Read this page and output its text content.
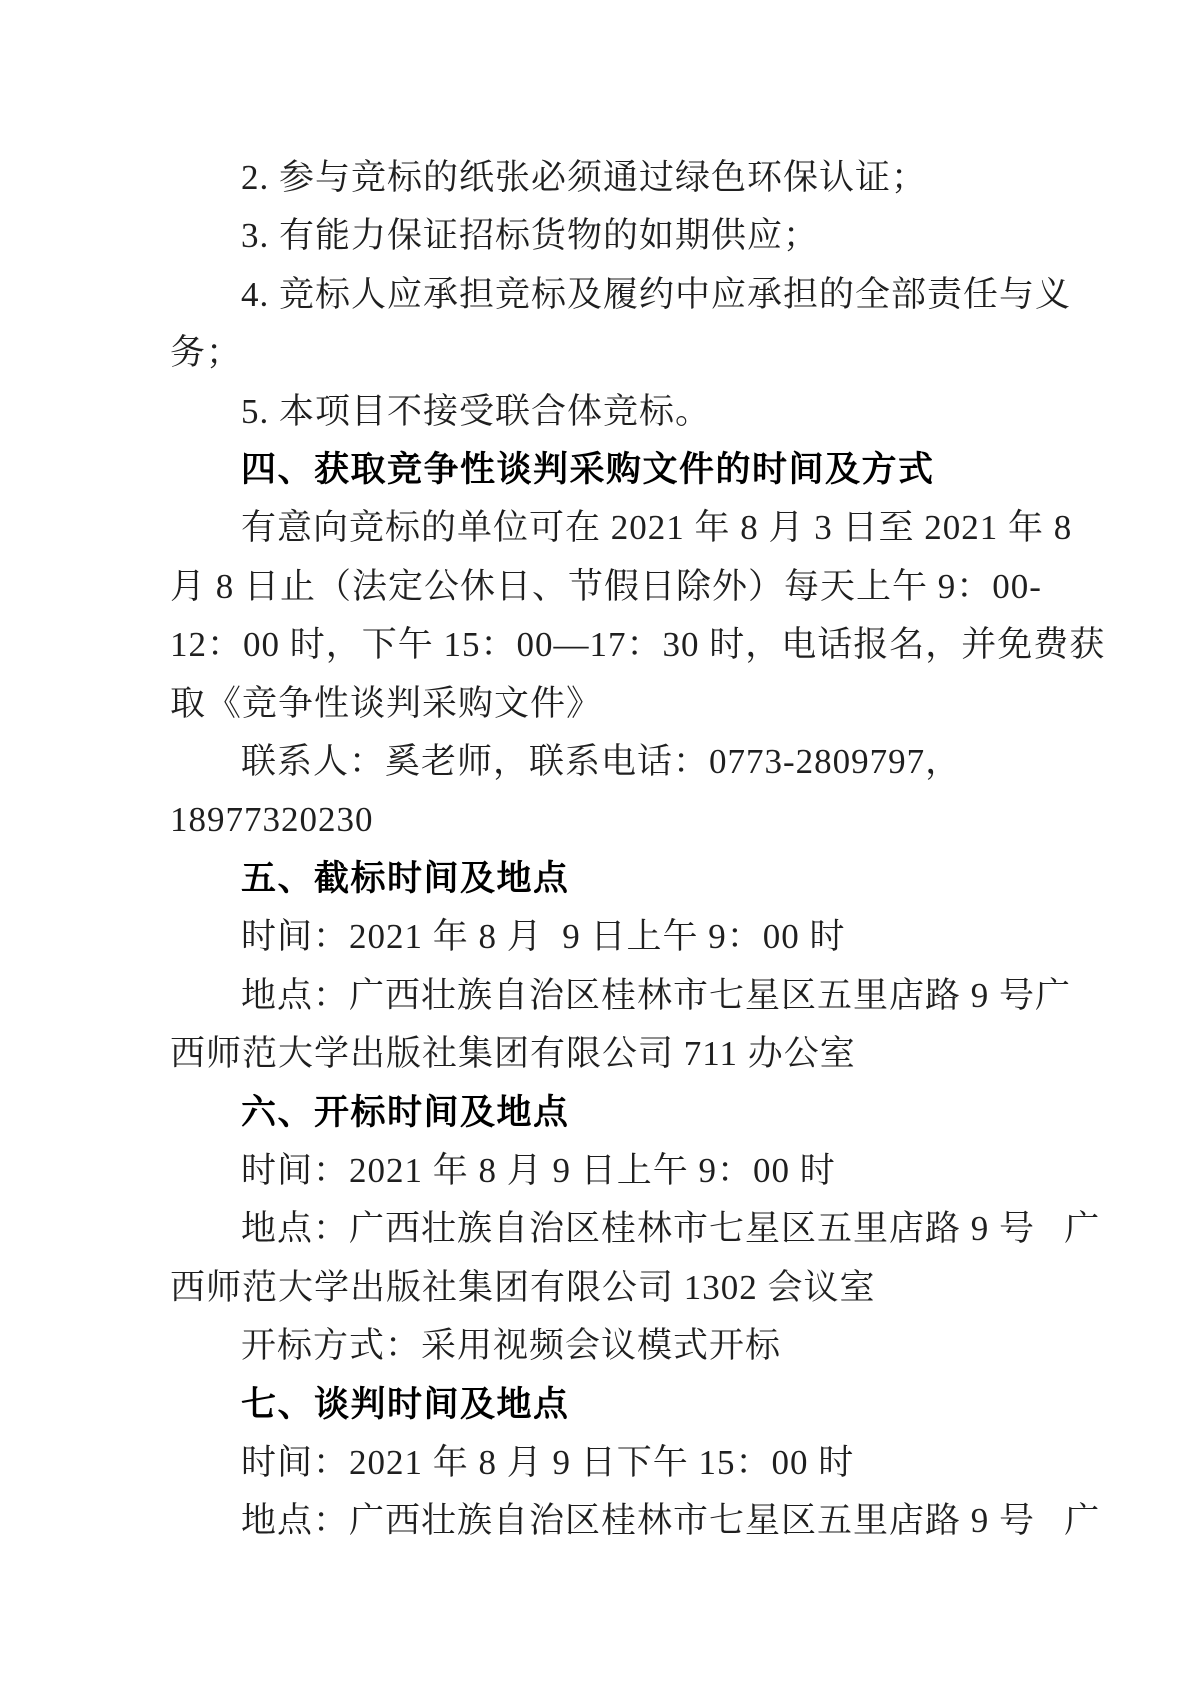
2. 参与竞标的纸张必须通过绿色环保认证；
3. 有能力保证招标货物的如期供应；
4. 竞标人应承担竞标及履约中应承担的全部责任与义
务；
5. 本项目不接受联合体竞标。
四、获取竞争性谈判采购文件的时间及方式
有意向竞标的单位可在 2021 年 8 月 3 日至 2021 年 8
月 8 日止（法定公休日、节假日除外）每天上午 9：00-
12：00 时，下午 15：00—17：30 时，电话报名，并免费获
取《竞争性谈判采购文件》
联系人：奚老师，联系电话：0773-2809797，
18977320230
五、截标时间及地点
时间：2021 年 8 月  9 日上午 9：00 时
地点：广西壮族自治区桂林市七星区五里店路 9 号广
西师范大学出版社集团有限公司 711 办公室
六、开标时间及地点
时间：2021 年 8 月 9 日上午 9：00 时
地点：广西壮族自治区桂林市七星区五里店路 9 号   广
西师范大学出版社集团有限公司 1302 会议室
开标方式：采用视频会议模式开标
七、谈判时间及地点
时间：2021 年 8 月 9 日下午 15：00 时
地点：广西壮族自治区桂林市七星区五里店路 9 号   广
